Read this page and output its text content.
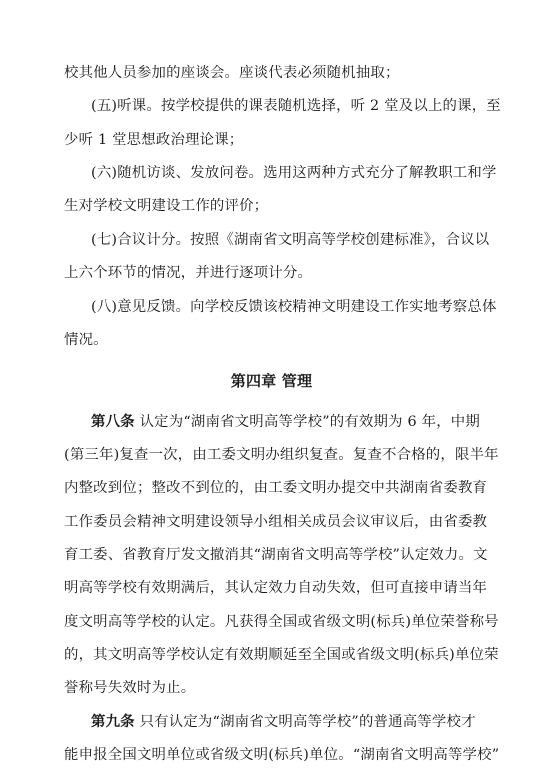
校其他人员参加的座谈会。座谈代表必须随机抽取；
(五)听课。按学校提供的课表随机选择，听 2 堂及以上的课，至
少听 1 堂思想政治理论课；
(六)随机访谈、发放问卷。选用这两种方式充分了解教职工和学
生对学校文明建设工作的评价；
(七)合议计分。按照《湖南省文明高等学校创建标准》，合议以
上六个环节的情况，并进行逐项计分。
(八)意见反馈。向学校反馈该校精神文明建设工作实地考察总体
情况。
第四章 管理
第八条 认定为“湖南省文明高等学校”的有效期为 6 年，中期
(第三年)复查一次，由工委文明办组织复查。复查不合格的，限半年
内整改到位；整改不到位的，由工委文明办提交中共湖南省委教育
工作委员会精神文明建设领导小组相关成员会议审议后，由省委教
育工委、省教育厅发文撤消其“湖南省文明高等学校”认定效力。文
明高等学校有效期满后，其认定效力自动失效，但可直接申请当年
度文明高等学校的认定。凡获得全国或省级文明(标兵)单位荣誉称号
的，其文明高等学校认定有效期顺延至全国或省级文明(标兵)单位荣
誉称号失效时为止。
第九条 只有认定为“湖南省文明高等学校”的普通高等学校才
能申报全国文明单位或省级文明(标兵)单位。“湖南省文明高等学校”
